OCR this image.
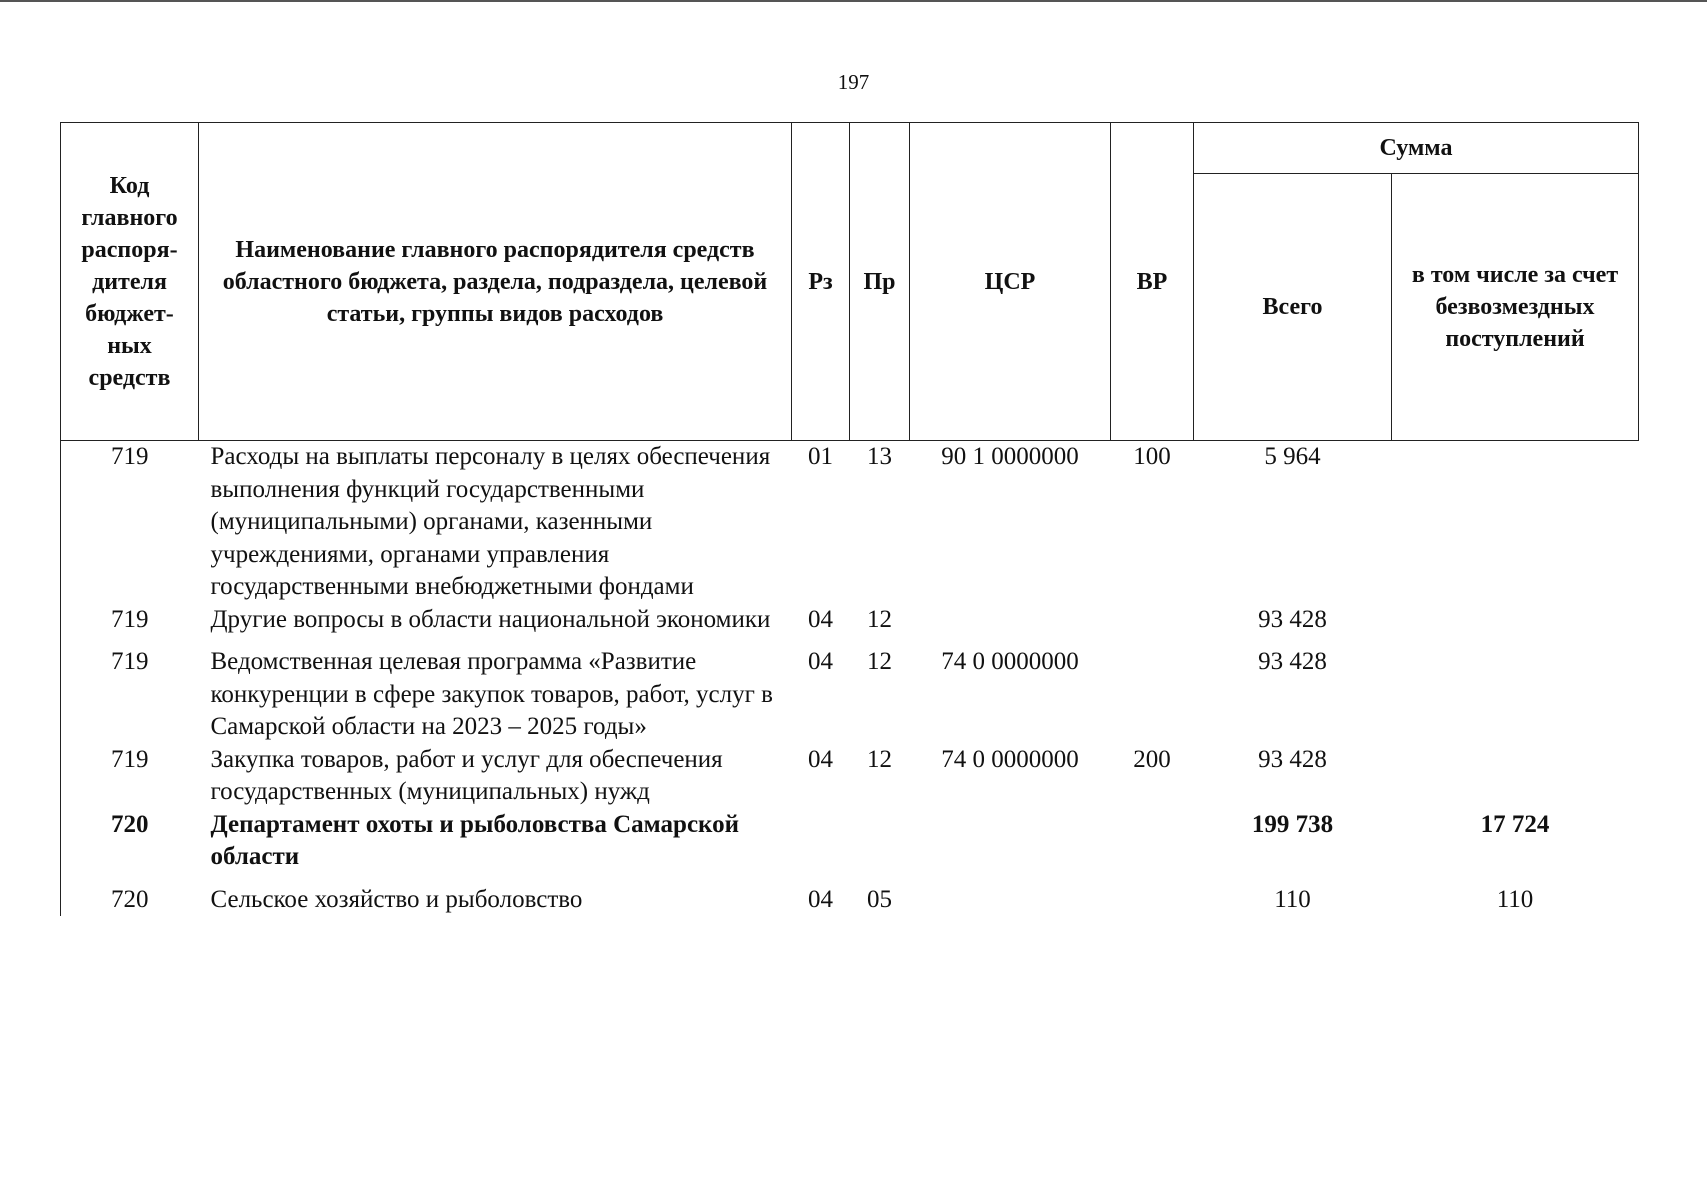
197
Код главного распоря-дителя бюджет-ных средств	Наименование главного распорядителя средств областного бюджета, раздела, подраздела, целевой статьи, группы видов расходов	Рз	Пр	ЦСР	ВР	Сумма	
						Всего	в том числе за счет безвозмездных поступлений
719	Расходы на выплаты персоналу в целях обеспечения выполнения функций государственными (муниципальными) органами, казенными учреждениями, органами управления государственными внебюджетными фондами	01	13	90 1 0000000	100	5 964	
719	Другие вопросы в области национальной экономики	04	12			93 428	
719	Ведомственная целевая программа «Развитие конкуренции в сфере закупок товаров, работ, услуг в Самарской области на 2023 – 2025 годы»	04	12	74 0 0000000		93 428	
719	Закупка товаров, работ и услуг для обеспечения государственных (муниципальных) нужд	04	12	74 0 0000000	200	93 428	
720	Департамент охоты и рыболовства Самарской области					199 738	17 724
720	Сельское хозяйство и рыболовство	04	05			110	110
